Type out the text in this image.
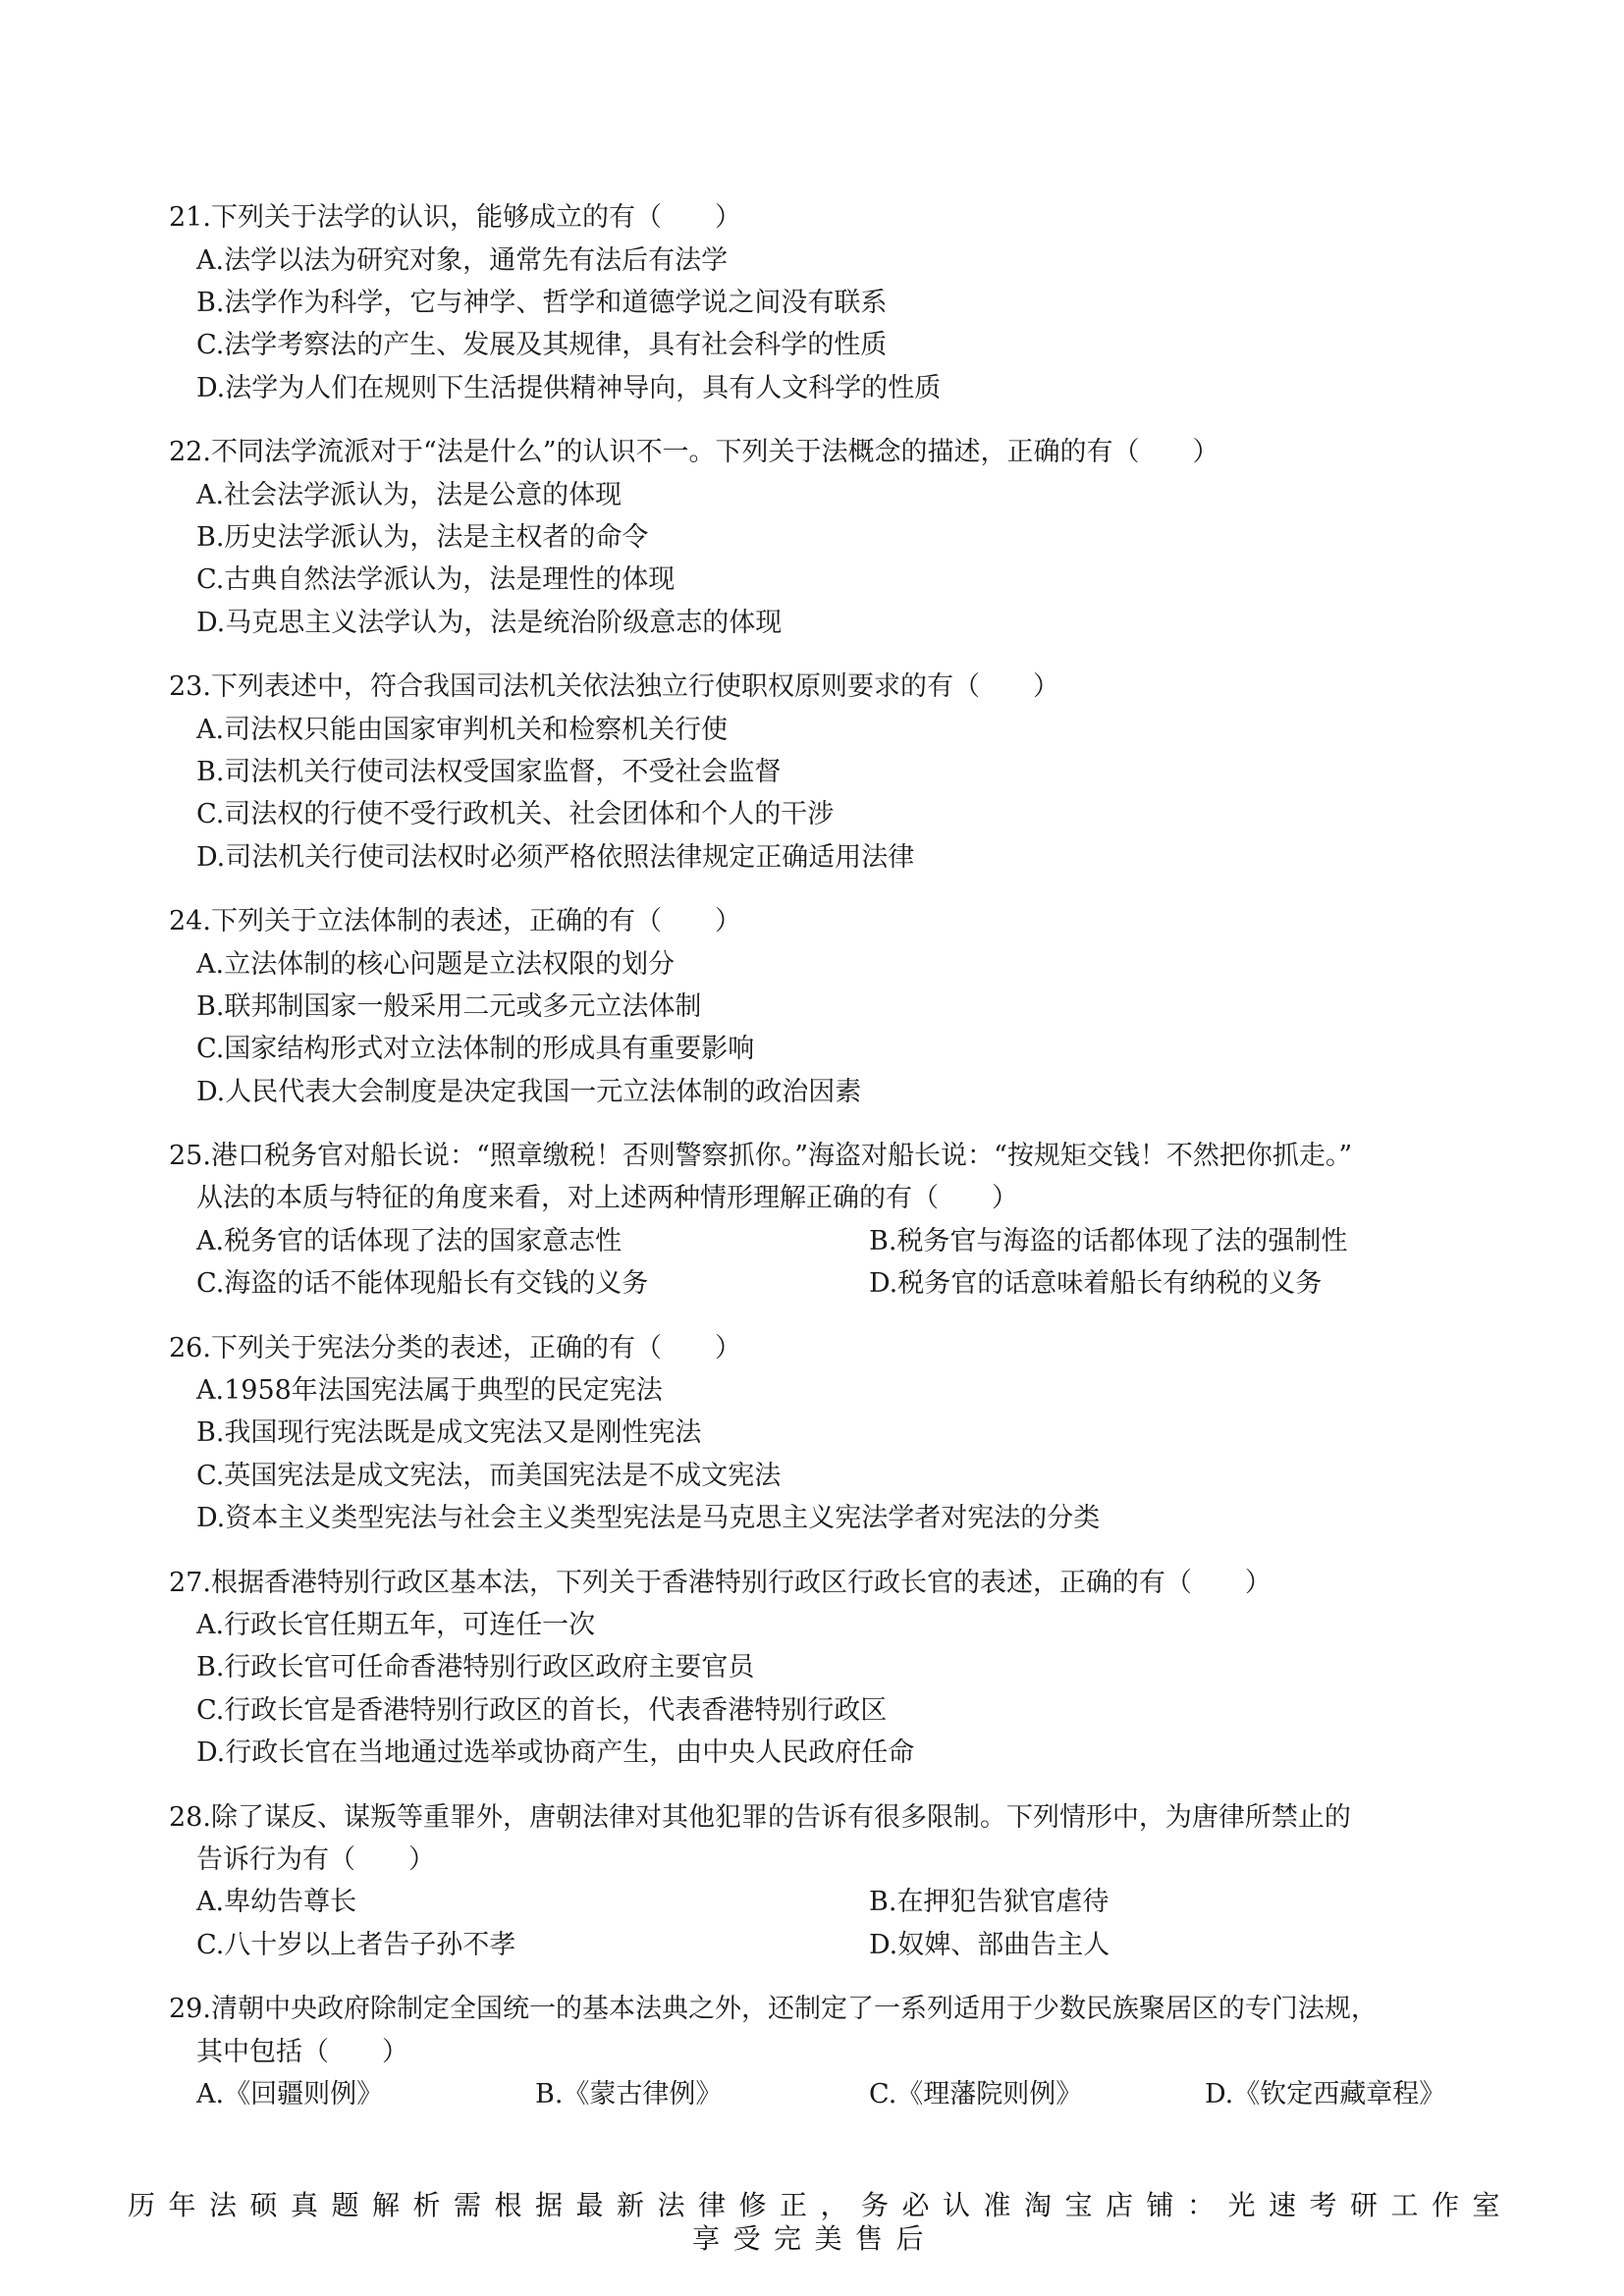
21.下列关于法学的认识，能够成立的有（　　）
A.法学以法为研究对象，通常先有法后有法学
B.法学作为科学，它与神学、哲学和道德学说之间没有联系
C.法学考察法的产生、发展及其规律，具有社会科学的性质
D.法学为人们在规则下生活提供精神导向，具有人文科学的性质
22.不同法学流派对于“法是什么”的认识不一。下列关于法概念的描述，正确的有（　　）
A.社会法学派认为，法是公意的体现
B.历史法学派认为，法是主权者的命令
C.古典自然法学派认为，法是理性的体现
D.马克思主义法学认为，法是统治阶级意志的体现
23.下列表述中，符合我国司法机关依法独立行使职权原则要求的有（　　）
A.司法权只能由国家审判机关和检察机关行使
B.司法机关行使司法权受国家监督，不受社会监督
C.司法权的行使不受行政机关、社会团体和个人的干涉
D.司法机关行使司法权时必须严格依照法律规定正确适用法律
24.下列关于立法体制的表述，正确的有（　　）
A.立法体制的核心问题是立法权限的划分
B.联邦制国家一般采用二元或多元立法体制
C.国家结构形式对立法体制的形成具有重要影响
D.人民代表大会制度是决定我国一元立法体制的政治因素
25.港口税务官对船长说：“照章缴税！否则警察抓你。”海盗对船长说：“按规矩交钱！不然把你抓走。”
从法的本质与特征的角度来看，对上述两种情形理解正确的有（　　）
A.税务官的话体现了法的国家意志性	B.税务官与海盗的话都体现了法的强制性
C.海盗的话不能体现船长有交钱的义务	D.税务官的话意味着船长有纳税的义务
26.下列关于宪法分类的表述，正确的有（　　）
A.1958年法国宪法属于典型的民定宪法
B.我国现行宪法既是成文宪法又是刚性宪法
C.英国宪法是成文宪法，而美国宪法是不成文宪法
D.资本主义类型宪法与社会主义类型宪法是马克思主义宪法学者对宪法的分类
27.根据香港特别行政区基本法，下列关于香港特别行政区行政长官的表述，正确的有（　　）
A.行政长官任期五年，可连任一次
B.行政长官可任命香港特别行政区政府主要官员
C.行政长官是香港特别行政区的首长，代表香港特别行政区
D.行政长官在当地通过选举或协商产生，由中央人民政府任命
28.除了谋反、谋叛等重罪外，唐朝法律对其他犯罪的告诉有很多限制。下列情形中，为唐律所禁止的
告诉行为有（　　）
A.卑幼告尊长	B.在押犯告狱官虐待
C.八十岁以上者告子孙不孝	D.奴婢、部曲告主人
29.清朝中央政府除制定全国统一的基本法典之外，还制定了一系列适用于少数民族聚居区的专门法规，
其中包括（　　）
A.《回疆则例》	B.《蒙古律例》	C.《理藩院则例》	D.《钦定西藏章程》
历年法硕真题解析需根据最新法律修正，务必认准淘宝店铺：光速考研工作室
享受完美售后
